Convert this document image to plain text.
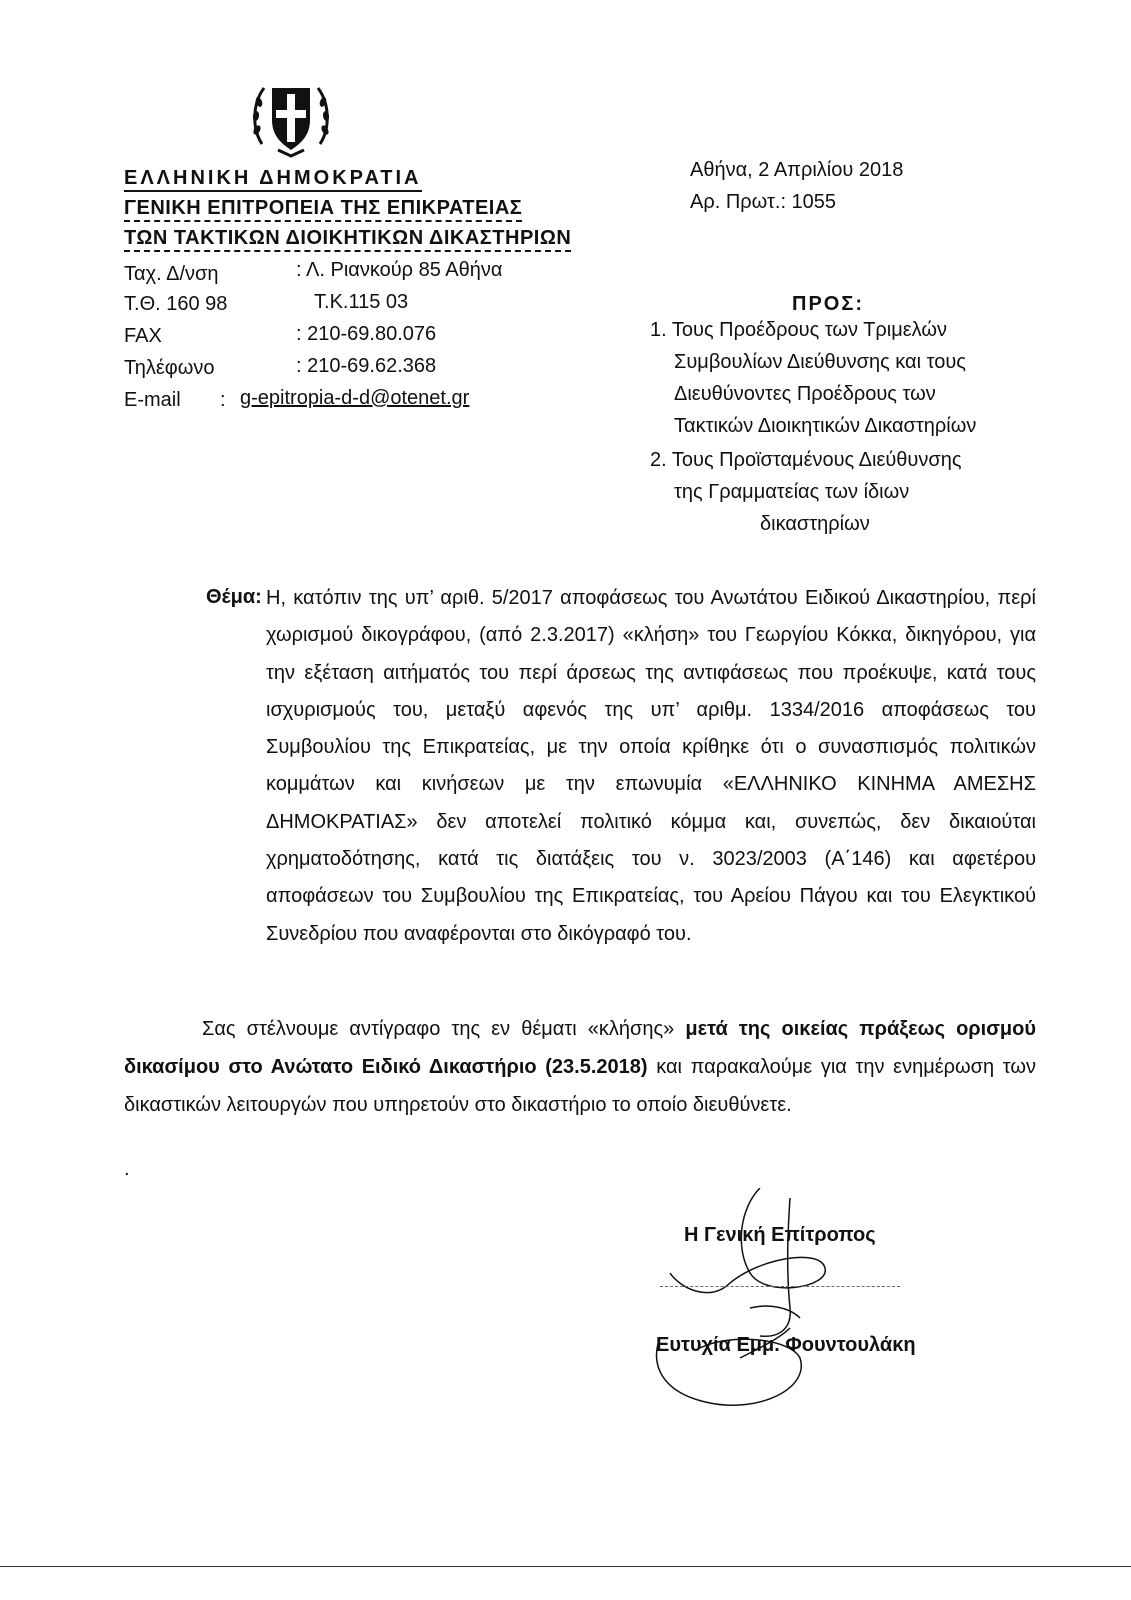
ΕΛΛΗΝΙΚΗ ΔΗΜΟΚΡΑΤΙΑ
ΓΕΝΙΚΗ ΕΠΙΤΡΟΠΕΙΑ ΤΗΣ ΕΠΙΚΡΑΤΕΙΑΣ
ΤΩΝ ΤΑΚΤΙΚΩΝ ΔΙΟΙΚΗΤΙΚΩΝ ΔΙΚΑΣΤΗΡΙΩΝ
Ταχ. Δ/νση	: Λ. Ριανκούρ 85 Αθήνα
Τ.Θ. 160 98	Τ.Κ.115 03
FAX	: 210-69.80.076
Τηλέφωνο	: 210-69.62.368
E-mail : g-epitropia-d-d@otenet.gr
Αθήνα, 2 Απριλίου 2018
Αρ. Πρωτ.: 1055
ΠΡΟΣ:
1. Τους Προέδρους των Τριμελών
Συμβουλίων Διεύθυνσης και τους
Διευθύνοντες Προέδρους των
Τακτικών Διοικητικών Δικαστηρίων
2. Τους Προϊσταμένους Διεύθυνσης
της Γραμματείας των ίδιων
δικαστηρίων
Θέμα: Η, κατόπιν της υπ’ αριθ. 5/2017 αποφάσεως του Ανωτάτου Ειδικού Δικαστηρίου, περί χωρισμού δικογράφου, (από 2.3.2017) «κλήση» του Γεωργίου Κόκκα, δικηγόρου, για την εξέταση αιτήματός του περί άρσεως της αντιφάσεως που προέκυψε, κατά τους ισχυρισμούς του, μεταξύ αφενός της υπ’ αριθμ. 1334/2016 αποφάσεως του Συμβουλίου της Επικρατείας, με την οποία κρίθηκε ότι ο συνασπισμός πολιτικών κομμάτων και κινήσεων με την επωνυμία «ΕΛΛΗΝΙΚΟ ΚΙΝΗΜΑ ΑΜΕΣΗΣ ΔΗΜΟΚΡΑΤΙΑΣ» δεν αποτελεί πολιτικό κόμμα και, συνεπώς, δεν δικαιούται χρηματοδότησης, κατά τις διατάξεις του ν. 3023/2003 (Α΄146) και αφετέρου αποφάσεων του Συμβουλίου της Επικρατείας, του Αρείου Πάγου και του Ελεγκτικού Συνεδρίου που αναφέρονται στο δικόγραφό του.
Σας στέλνουμε αντίγραφο της εν θέματι «κλήσης» μετά της οικείας πράξεως ορισμού δικασίμου στο Ανώτατο Ειδικό Δικαστήριο (23.5.2018) και παρακαλούμε για την ενημέρωση των δικαστικών λειτουργών που υπηρετούν στο δικαστήριο το οποίο διευθύνετε.
.
Η Γενική Επίτροπος
Ευτυχία Εμμ. Φουντουλάκη
